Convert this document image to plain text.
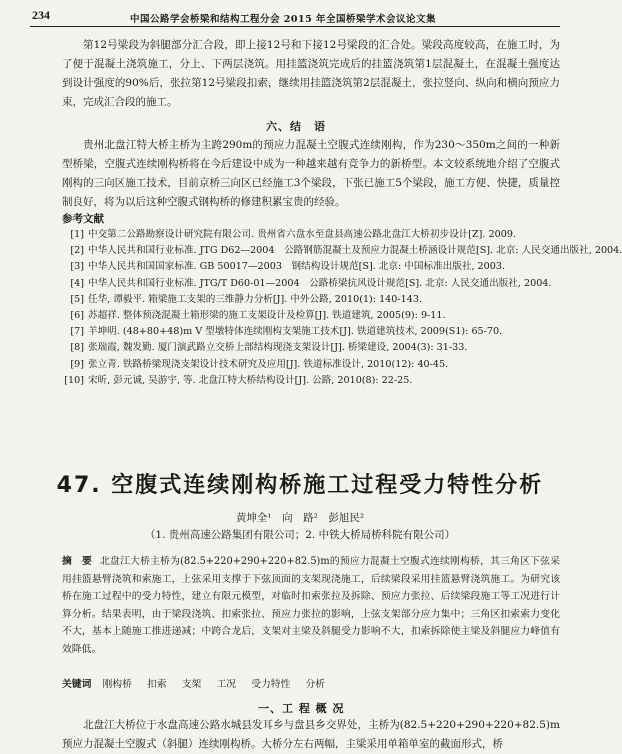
234	中国公路学会桥梁和结构工程分会 2015 年全国桥梁学术会议论文集

第12号梁段为斜腿部分汇合段，即上接12号和下接12号梁段的汇合处。梁段高度较高，在施工时，为了便于混凝土浇筑施工，分上、下两层浇筑。用挂篮浇筑完成后的挂篮浇筑第1层混凝土，在混凝土强度达到设计强度的90%后，张拉第12号梁段扣索，继续用挂篮浇筑第2层混凝土，张拉竖向、纵向和横向预应力束，完成汇合段的施工。

六、结　语

贵州北盘江特大桥主桥为主跨290m的预应力混凝土空腹式连续刚构，作为230～350m之间的一种新型桥梁，空腹式连续刚构桥将在今后建设中成为一种越来越有竞争力的新桥型。本文较系统地介绍了空腹式刚构的三向区施工技术，目前京桥三向区已经施工3个梁段，下张已施工5个梁段，施工方便、快捷，质量控制良好，将为以后这种空腹式钢构桥的修建积累宝贵的经验。

参考文献
[1] 中交第二公路勘察设计研究院有限公司. 贵州省六盘水至盘县高速公路北盘江大桥初步设计[Z]. 2009.
[2] 中华人民共和国行业标准. JTG D62—2004　公路钢筋混凝土及预应力混凝土桥涵设计规范[S]. 北京: 人民交通出版社, 2004.
[3] 中华人民共和国国家标准. GB 50017—2003　钢结构设计规范[S]. 北京: 中国标准出版社, 2003.
[4] 中华人民共和国行业标准. JTG/T D60-01—2004　公路桥梁抗风设计规范[S]. 北京: 人民交通出版社, 2004.
[5] 任华, 谭毅平. 箱梁施工支架的三维静力分析[J]. 中外公路, 2010(1): 140-143.
[6] 苏超祥. 整体预浇混凝土箱形梁的施工支架设计及检算[J]. 铁道建筑, 2005(9): 9-11.
[7] 羊坤明. (48+80+48)m V 型墩特体连续刚构支架施工技术[J]. 铁道建筑技术, 2009(S1): 65-70.
[8] 张瑞霞, 魏发勤. 厦门演武路立交桥上部结构现浇支架设计[J]. 桥梁建设, 2004(3): 31-33.
[9] 张立青. 铁路桥梁现浇支架设计技术研究及应用[J]. 铁道标准设计, 2010(12): 40-45.
[10] 宋昕, 彭元诚, 吴游宇, 等. 北盘江特大桥结构设计[J]. 公路, 2010(8): 22-25.
47. 空腹式连续刚构桥施工过程受力特性分析
黄坤全¹　向　路²　彭旭民²
（1. 贵州高速公路集团有限公司；2. 中铁大桥局桥科院有限公司）
摘　要 北盘江大桥主桥为(82.5+220+290+220+82.5)m的预应力混凝土空腹式连续刚构桥，其三角区下弦采用挂篮悬臂浇筑和索施工，上弦采用支撑于下弦顶面的支架现浇施工，后续梁段采用挂篮悬臂浇筑施工。为研究该桥在施工过程中的受力特性，建立有限元模型，对临时扣索张拉及拆除、预应力张拉、后续梁段施工等工况进行计算分析。结果表明，由于梁段浇筑、扣索张拉、预应力张拉的影响，上弦支架部分应力集中；三角区扣索索力变化不大，基本上随施工推进递减；中跨合龙后，支架对主梁及斜腿受力影响不大，扣索拆除使主梁及斜腿应力峰值有效降低。
关键词 刚构桥 扣索 支架 工况 受力特性 分析
一、工 程 概 况

北盘江大桥位于水盘高速公路水城县发耳乡与盘县乡交界处，主桥为(82.5+220+290+220+82.5)m预应力混凝土空腹式（斜腿）连续刚构桥。大桥分左右两幅，主梁采用单箱单室的截面形式，桥
